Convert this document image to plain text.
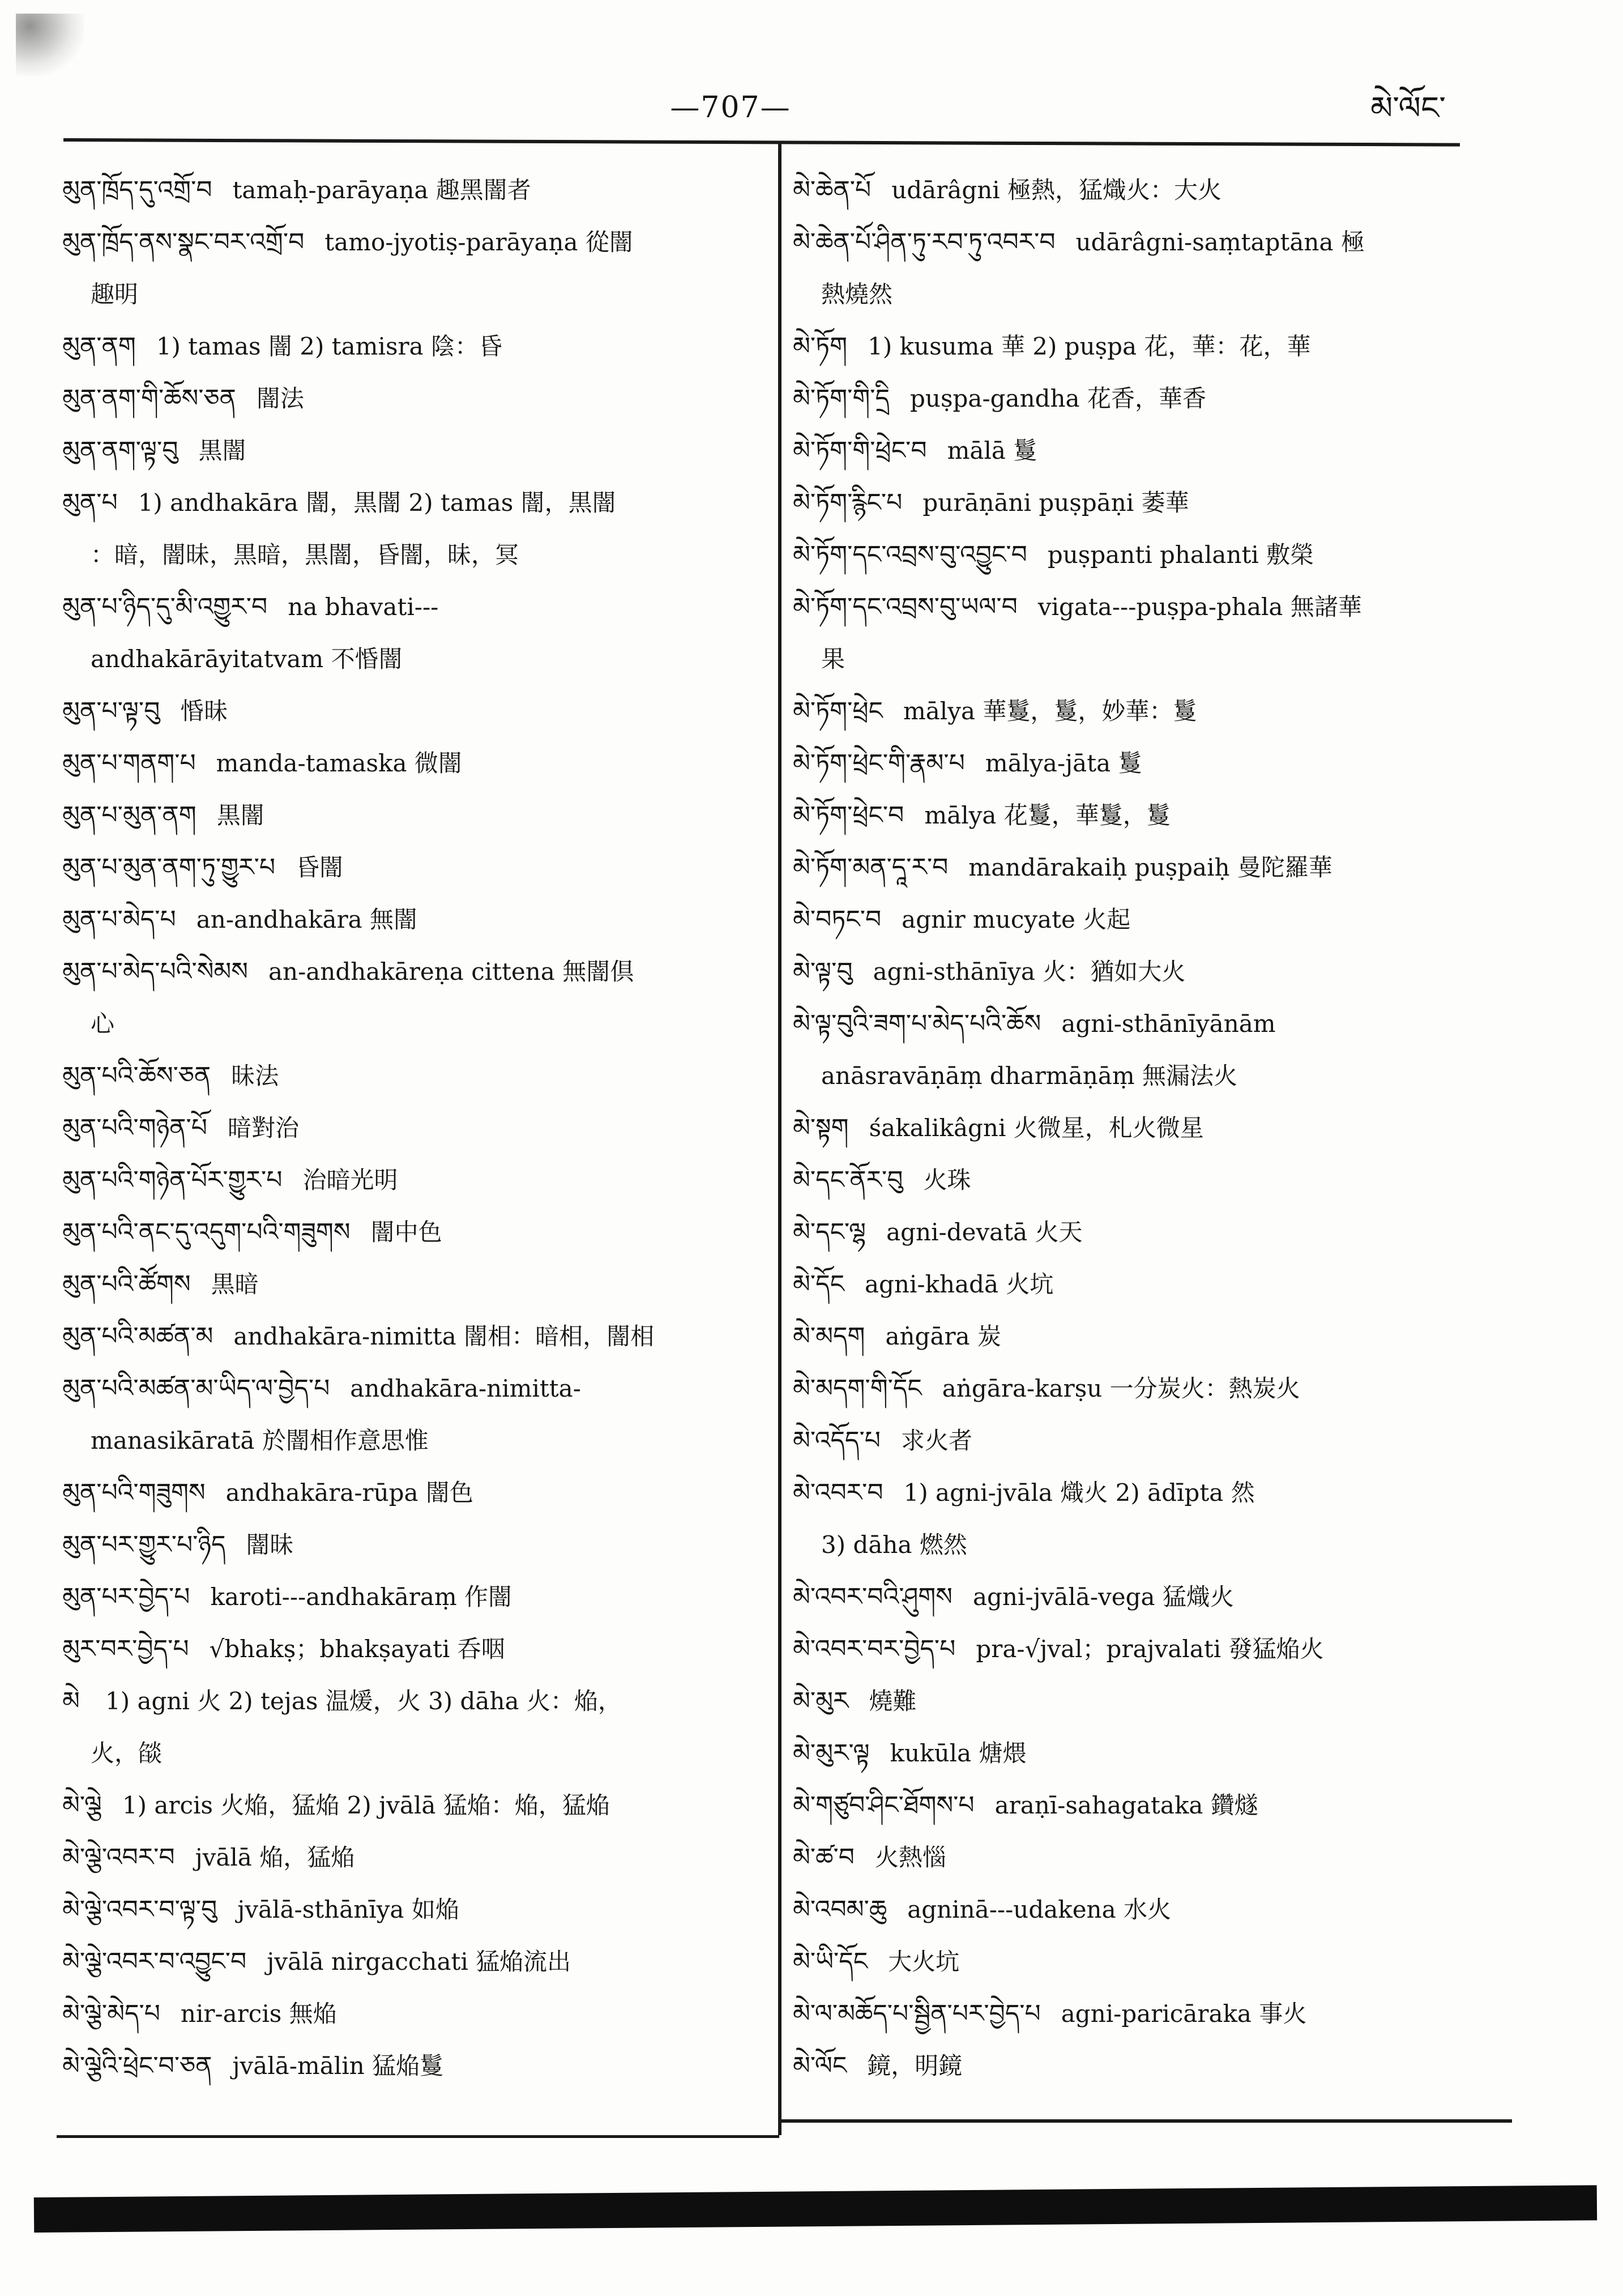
—707—	མེ་ལོང་
མུན་ཁྲོད་དུ་འགྲོ་བ tamaḥ-parāyaṇa 趣黑闇者
མུན་ཁྲོད་ནས་སྣང་བར་འགྲོ་བ tamo-jyotiṣ-parāyaṇa 從闇
趣明
མུན་ནག 1) tamas 闇 2) tamisra 陰：昏
མུན་ནག་གི་ཆོས་ཅན 闇法
མུན་ནག་ལྟ་བུ 黒闇
མུན་པ 1) andhakāra 闇，黒闇 2) tamas 闇，黒闇
：暗，闇昧，黒暗，黒闇，昏闇，昧，冥
མུན་པ་ཉིད་དུ་མི་འགྱུར་བ na bhavati---
andhakārāyitatvam 不惛闇
མུན་པ་ལྟ་བུ 惛昧
མུན་པ་གནག་པ manda-tamaska 微闇
མུན་པ་མུན་ནག 黒闇
མུན་པ་མུན་ནག་ཏུ་གྱུར་པ 昏闇
མུན་པ་མེད་པ an-andhakāra 無闇
མུན་པ་མེད་པའི་སེམས an-andhakāreṇa cittena 無闇倶
心
མུན་པའི་ཆོས་ཅན 昧法
མུན་པའི་གཉེན་པོ 暗對治
མུན་པའི་གཉེན་པོར་གྱུར་པ 治暗光明
མུན་པའི་ནང་དུ་འདུག་པའི་གཟུགས 闇中色
མུན་པའི་ཚོགས 黒暗
མུན་པའི་མཚན་མ andhakāra-nimitta 闇相：暗相，闇相
མུན་པའི་མཚན་མ་ཡིད་ལ་བྱེད་པ andhakāra-nimitta-
manasikāratā 於闇相作意思惟
མུན་པའི་གཟུགས andhakāra-rūpa 闇色
མུན་པར་གྱུར་པ་ཉིད 闇昧
མུན་པར་བྱེད་པ karoti---andhakāraṃ 作闇
མུར་བར་བྱེད་པ √bhakṣ；bhakṣayati 呑咽
མེ 1) agni 火 2) tejas 温煖，火 3) dāha 火：焔，
火，燄
མེ་ལྕེ 1) arcis 火焔，猛焔 2) jvālā 猛焔：焔，猛焔
མེ་ལྕེ་འབར་བ jvālā 焔，猛焔
མེ་ལྕེ་འབར་བ་ལྟ་བུ jvālā-sthānīya 如焔
མེ་ལྕེ་འབར་བ་འབྱུང་བ jvālā nirgacchati 猛焔流出
མེ་ལྕེ་མེད་པ nir-arcis 無焔
མེ་ལྕེའི་ཕྲེང་བ་ཅན jvālā-mālin 猛焔鬘
མེ་ཆེན་པོ udārâgni 極熱，猛熾火：大火
མེ་ཆེན་པོ་ཤིན་ཏུ་རབ་ཏུ་འབར་བ udārâgni-saṃtaptāna 極
熱燒然
མེ་ཏོག 1) kusuma 華 2) puṣpa 花，華：花，華
མེ་ཏོག་གི་དྲི puṣpa-gandha 花香，華香
མེ་ཏོག་གི་ཕྲེང་བ mālā 鬘
མེ་ཏོག་རྙིང་པ purāṇāni puṣpāṇi 萎華
མེ་ཏོག་དང་འབྲས་བུ་འབྱུང་བ puṣpanti phalanti 敷榮
མེ་ཏོག་དང་འབྲས་བུ་ཡལ་བ vigata---puṣpa-phala 無諸華
果
མེ་ཏོག་ཕྲེང mālya 華鬘，鬘，妙華：鬘
མེ་ཏོག་ཕྲེང་གི་རྣམ་པ mālya-jāta 鬘
མེ་ཏོག་ཕྲེང་བ mālya 花鬘，華鬘，鬘
མེ་ཏོག་མན་དཱ་ར་བ mandārakaiḥ puṣpaiḥ 曼陀羅華
མེ་བཏང་བ agnir mucyate 火起
མེ་ལྟ་བུ agni-sthānīya 火：猶如大火
མེ་ལྟ་བུའི་ཟག་པ་མེད་པའི་ཆོས agni-sthānīyānām
anāsravāṇāṃ dharmāṇāṃ 無漏法火
མེ་སྟག śakalikâgni 火微星，札火微星
མེ་དང་ནོར་བུ 火珠
མེ་དང་ལྷ agni-devatā 火天
མེ་དོང agni-khadā 火坑
མེ་མདག aṅgāra 炭
མེ་མདག་གི་དོང aṅgāra-karṣu 一分炭火：熱炭火
མེ་འདོད་པ 求火者
མེ་འབར་བ 1) agni-jvāla 熾火 2) ādīpta 然
3) dāha 燃然
མེ་འབར་བའི་ཤུགས agni-jvālā-vega 猛熾火
མེ་འབར་བར་བྱེད་པ pra-√jval；prajvalati 發猛焔火
མེ་མུར 燒難
མེ་མུར་ལྟ kukūla 煻煨
མེ་གཙུབ་ཤིང་ཐོགས་པ araṇī-sahagataka 鑽燧
མེ་ཚ་བ 火熱惱
མེ་འབམ་ཆུ agninā---udakena 水火
མེ་ཡི་དོང 大火坑
མེ་ལ་མཆོད་པ་སྦྱིན་པར་བྱེད་པ agni-paricāraka 事火
མེ་ལོང 鏡，明鏡
